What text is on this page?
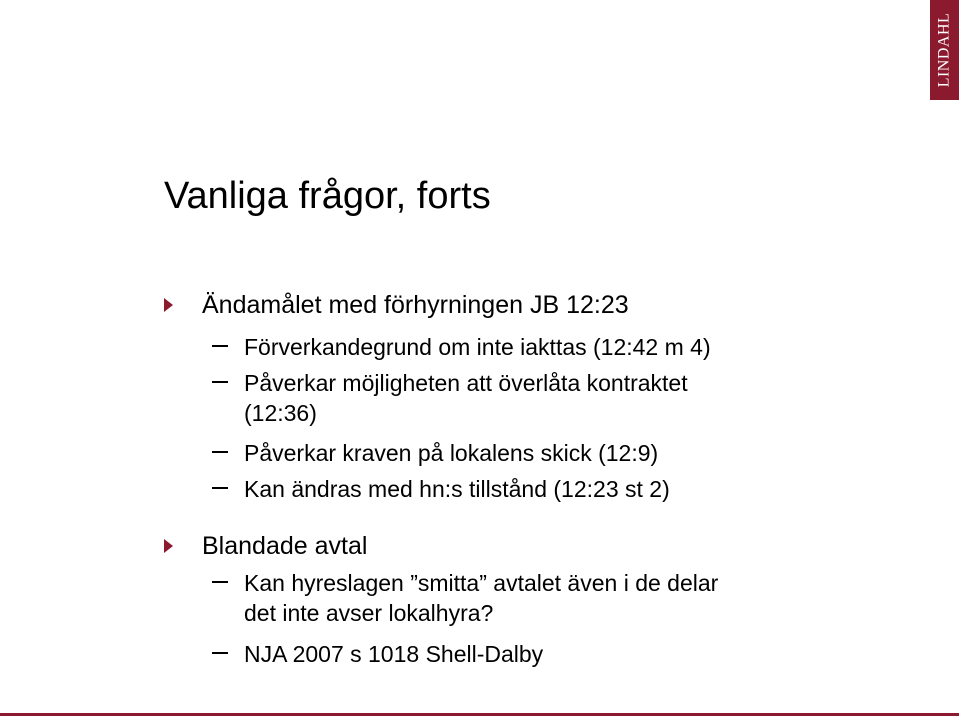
LINDAHL
Vanliga frågor, forts
Ändamålet med förhyrningen JB 12:23
Förverkandegrund om inte iakttas (12:42 m 4)
Påverkar möjligheten att överlåta kontraktet
(12:36)
Påverkar kraven på lokalens skick (12:9)
Kan ändras med hn:s tillstånd (12:23 st 2)
Blandade avtal
Kan hyreslagen ”smitta” avtalet även i de delar
det inte avser lokalhyra?
NJA 2007 s 1018 Shell-Dalby
